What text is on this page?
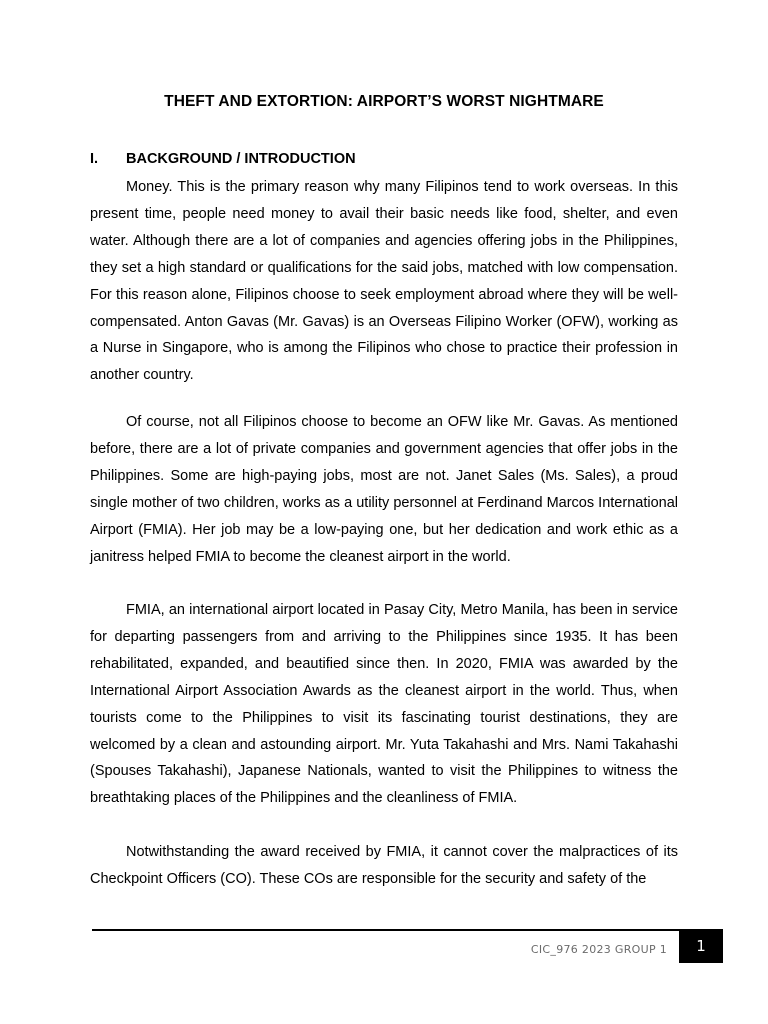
THEFT AND EXTORTION: AIRPORT’S WORST NIGHTMARE
I. BACKGROUND / INTRODUCTION

Money. This is the primary reason why many Filipinos tend to work overseas. In this present time, people need money to avail their basic needs like food, shelter, and even water. Although there are a lot of companies and agencies offering jobs in the Philippines, they set a high standard or qualifications for the said jobs, matched with low compensation. For this reason alone, Filipinos choose to seek employment abroad where they will be well-compensated. Anton Gavas (Mr. Gavas) is an Overseas Filipino Worker (OFW), working as a Nurse in Singapore, who is among the Filipinos who chose to practice their profession in another country.

Of course, not all Filipinos choose to become an OFW like Mr. Gavas. As mentioned before, there are a lot of private companies and government agencies that offer jobs in the Philippines. Some are high-paying jobs, most are not. Janet Sales (Ms. Sales), a proud single mother of two children, works as a utility personnel at Ferdinand Marcos International Airport (FMIA). Her job may be a low-paying one, but her dedication and work ethic as a janitress helped FMIA to become the cleanest airport in the world.

FMIA, an international airport located in Pasay City, Metro Manila, has been in service for departing passengers from and arriving to the Philippines since 1935. It has been rehabilitated, expanded, and beautified since then. In 2020, FMIA was awarded by the International Airport Association Awards as the cleanest airport in the world. Thus, when tourists come to the Philippines to visit its fascinating tourist destinations, they are welcomed by a clean and astounding airport. Mr. Yuta Takahashi and Mrs. Nami Takahashi (Spouses Takahashi), Japanese Nationals, wanted to visit the Philippines to witness the breathtaking places of the Philippines and the cleanliness of FMIA.

Notwithstanding the award received by FMIA, it cannot cover the malpractices of its Checkpoint Officers (CO). These COs are responsible for the security and safety of the

CIC_976 2023 GROUP 1 1
